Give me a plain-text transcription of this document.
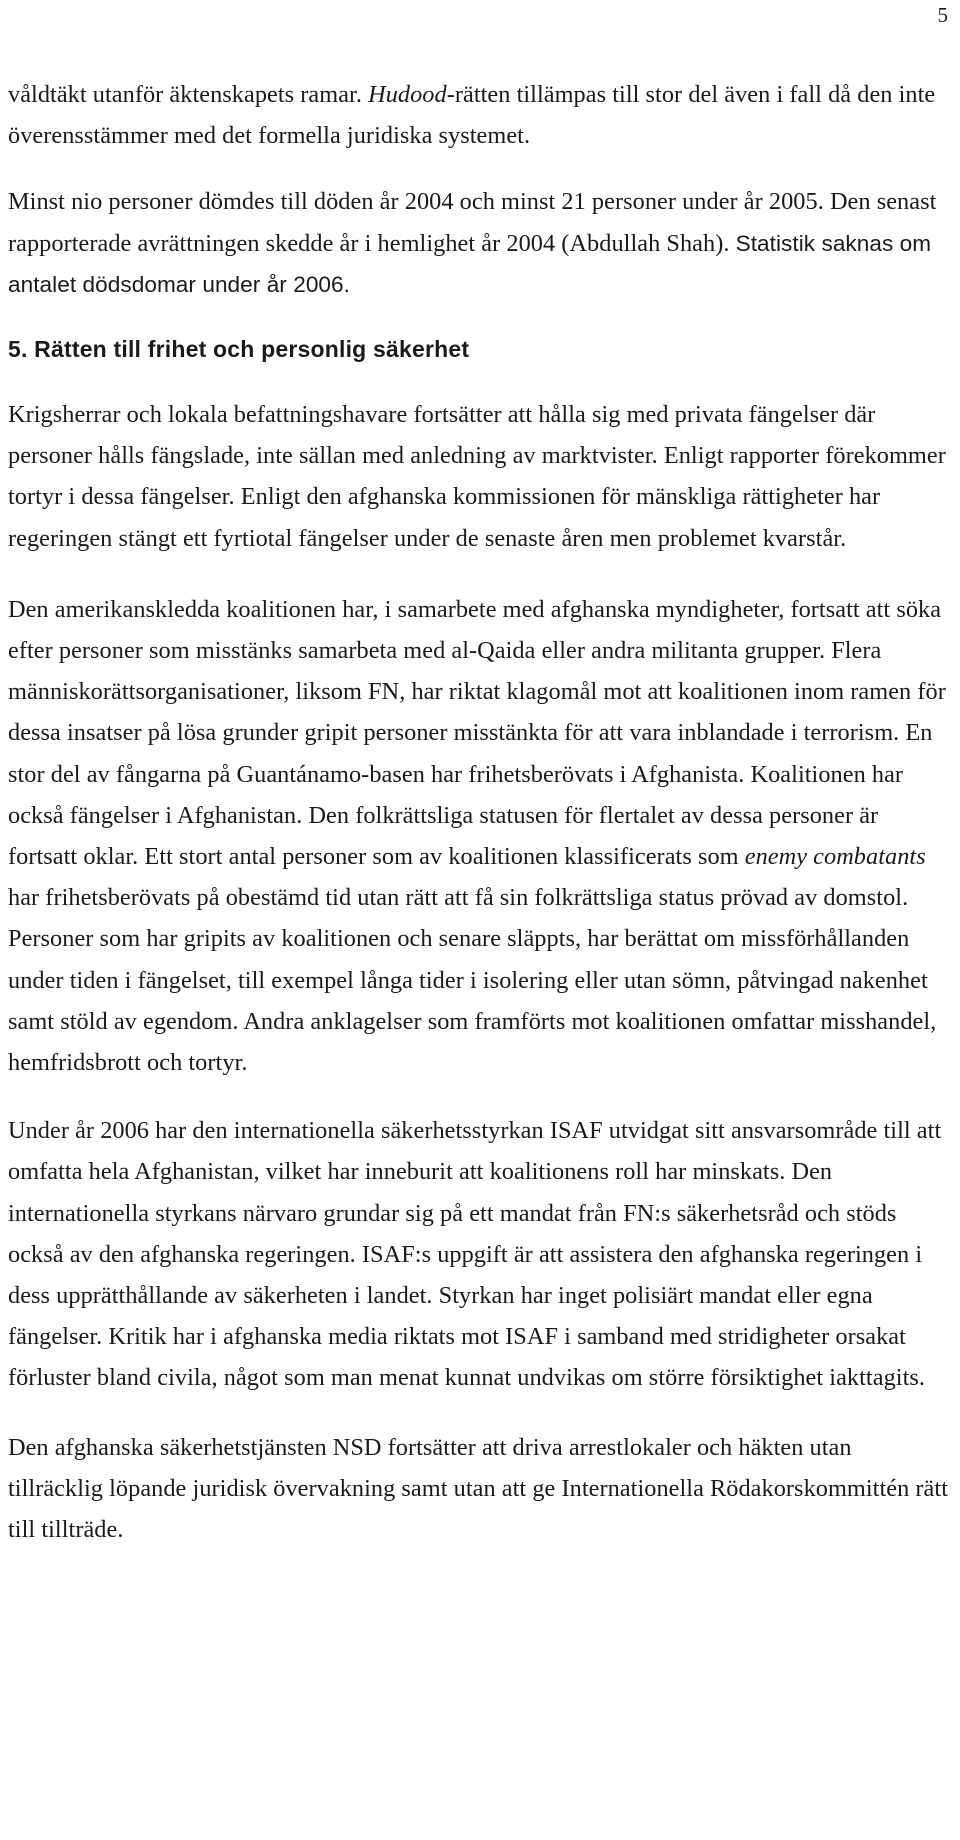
5

våldtäkt utanför äktenskapets ramar. Hudood-rätten tillämpas till stor del även i fall då den inte överensstämmer med det formella juridiska systemet.

Minst nio personer dömdes till döden år 2004 och minst 21 personer under år 2005. Den senast rapporterade avrättningen skedde år i hemlighet år 2004 (Abdullah Shah). Statistik saknas om antalet dödsdomar under år 2006.

5. Rätten till frihet och personlig säkerhet

Krigsherrar och lokala befattningshavare fortsätter att hålla sig med privata fängelser där personer hålls fängslade, inte sällan med anledning av marktvister. Enligt rapporter förekommer tortyr i dessa fängelser. Enligt den afghanska kommissionen för mänskliga rättigheter har regeringen stängt ett fyrtiotal fängelser under de senaste åren men problemet kvarstår.

Den amerikanskledda koalitionen har, i samarbete med afghanska myndigheter, fortsatt att söka efter personer som misstänks samarbeta med al-Qaida eller andra militanta grupper. Flera människorättsorganisationer, liksom FN, har riktat klagomål mot att koalitionen inom ramen för dessa insatser på lösa grunder gripit personer misstänkta för att vara inblandade i terrorism. En stor del av fångarna på Guantánamo-basen har frihetsberövats i Afghanista. Koalitionen har också fängelser i Afghanistan. Den folkrättsliga statusen för flertalet av dessa personer är fortsatt oklar. Ett stort antal personer som av koalitionen klassificerats som enemy combatants har frihetsberövats på obestämd tid utan rätt att få sin folkrättsliga status prövad av domstol. Personer som har gripits av koalitionen och senare släppts, har berättat om missförhållanden under tiden i fängelset, till exempel långa tider i isolering eller utan sömn, påtvingad nakenhet samt stöld av egendom. Andra anklagelser som framförts mot koalitionen omfattar misshandel, hemfridsbrott och tortyr.

Under år 2006 har den internationella säkerhetsstyrkan ISAF utvidgat sitt ansvarsområde till att omfatta hela Afghanistan, vilket har inneburit att koalitionens roll har minskats. Den internationella styrkans närvaro grundar sig på ett mandat från FN:s säkerhetsråd och stöds också av den afghanska regeringen. ISAF:s uppgift är att assistera den afghanska regeringen i dess upprätthållande av säkerheten i landet. Styrkan har inget polisiärt mandat eller egna fängelser. Kritik har i afghanska media riktats mot ISAF i samband med stridigheter orsakat förluster bland civila, något som man menat kunnat undvikas om större försiktighet iakttagits.

Den afghanska säkerhetstjänsten NSD fortsätter att driva arrestlokaler och häkten utan tillräcklig löpande juridisk övervakning samt utan att ge Internationella Rödakorskommittén rätt till tillträde.
